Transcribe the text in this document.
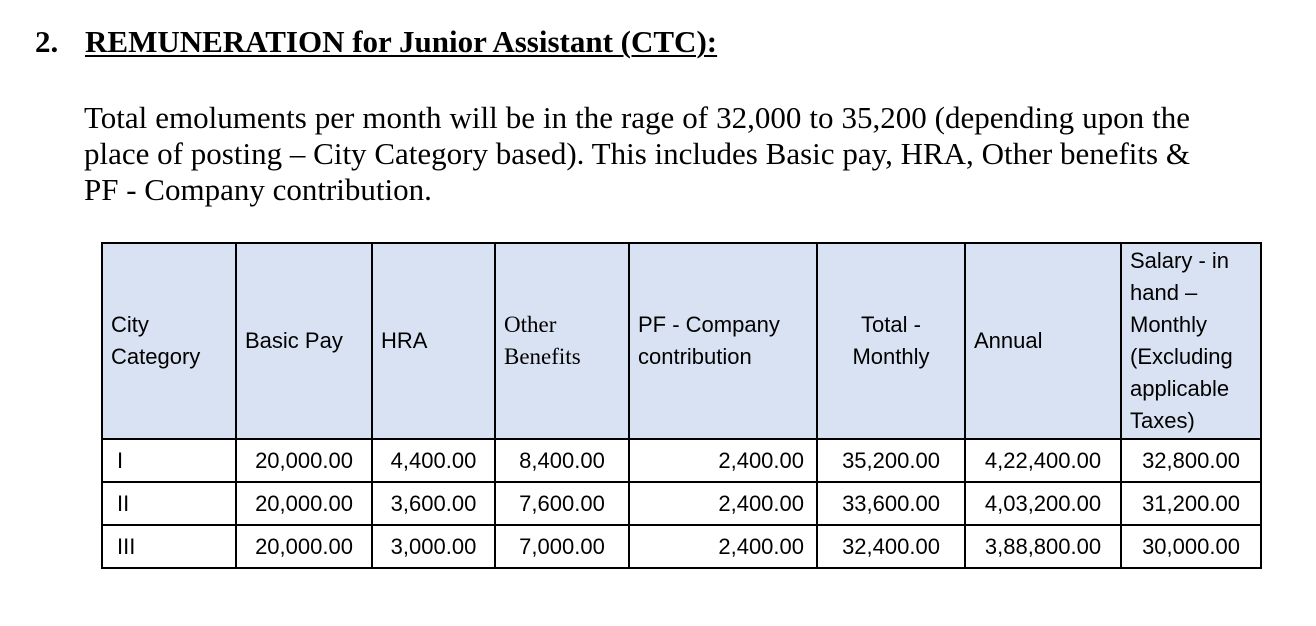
2. REMUNERATION for Junior Assistant (CTC):
Total emoluments per month will be in the rage of 32,000 to 35,200 (depending upon the place of posting – City Category based). This includes Basic pay, HRA, Other benefits & PF - Company contribution.
City Category	Basic Pay	HRA	Other Benefits	PF - Company contribution	Total - Monthly	Annual	Salary - in hand – Monthly (Excluding applicable Taxes)
I	20,000.00	4,400.00	8,400.00	2,400.00	35,200.00	4,22,400.00	32,800.00
II	20,000.00	3,600.00	7,600.00	2,400.00	33,600.00	4,03,200.00	31,200.00
III	20,000.00	3,000.00	7,000.00	2,400.00	32,400.00	3,88,800.00	30,000.00
